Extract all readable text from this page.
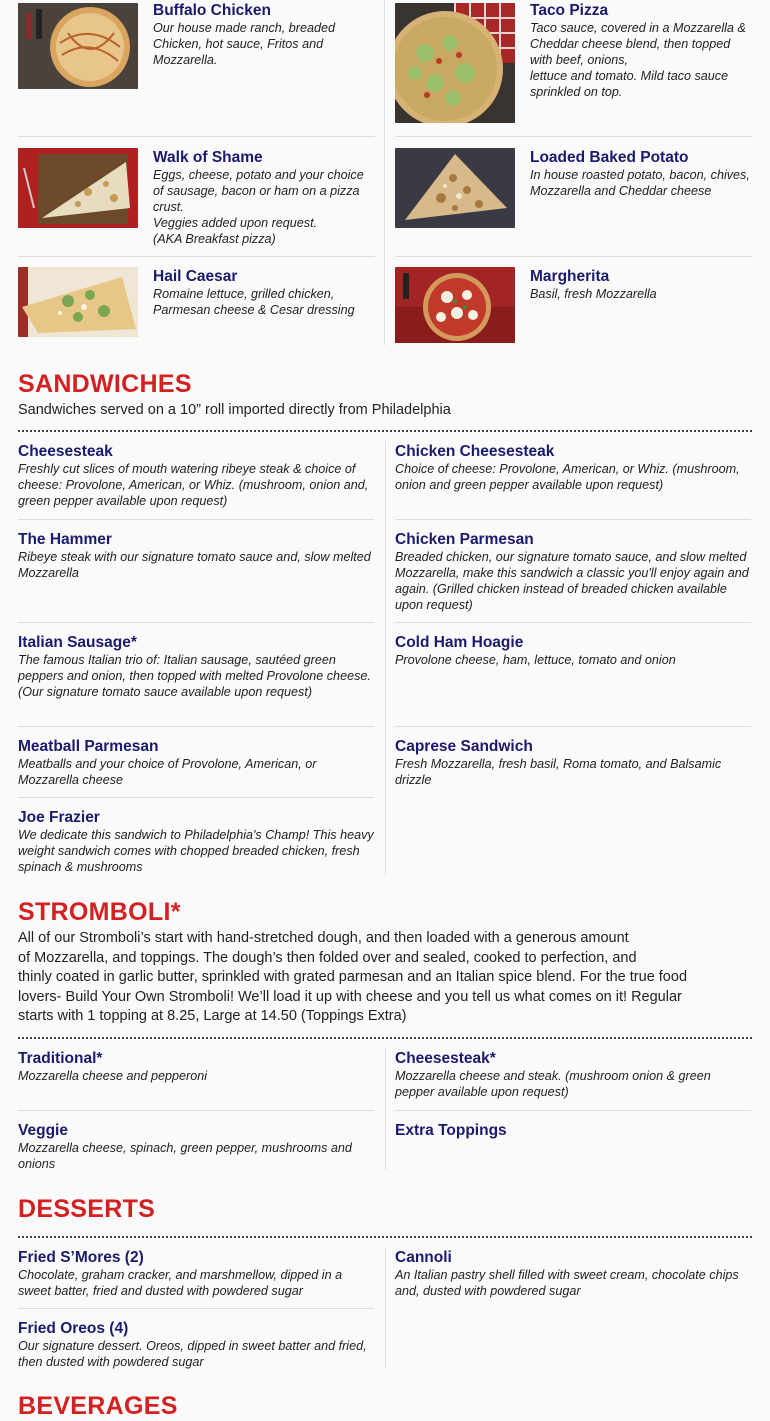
Buffalo Chicken

Our house made ranch, breaded Chicken, hot sauce, Fritos and Mozzarella.

Taco Pizza

Taco sauce, covered in a Mozzarella & Cheddar cheese blend, then topped with beef, onions,
lettuce and tomato. Mild taco sauce sprinkled on top.

Walk of Shame

Eggs, cheese, potato and your choice of sausage, bacon or ham on a pizza crust.
Veggies added upon request.
(AKA Breakfast pizza)

Loaded Baked Potato

In house roasted potato, bacon, chives, Mozzarella and Cheddar cheese

Hail Caesar

Romaine lettuce, grilled chicken, Parmesan cheese & Cesar dressing

Margherita

Basil, fresh Mozzarella

SANDWICHES

Sandwiches served on a 10” roll imported directly from Philadelphia

Cheesesteak

Freshly cut slices of mouth watering ribeye steak & choice of cheese: Provolone, American, or Whiz. (mushroom, onion and, green pepper available upon request)

Chicken Cheesesteak

Choice of cheese: Provolone, American, or Whiz. (mushroom, onion and green pepper available upon request)

The Hammer

Ribeye steak with our signature tomato sauce and, slow melted Mozzarella

Chicken Parmesan

Breaded chicken, our signature tomato sauce, and slow melted Mozzarella, make this sandwich a classic you'll enjoy again and again. (Grilled chicken instead of breaded chicken available upon request)

Italian Sausage*

The famous Italian trio of: Italian sausage, sautéed green peppers and onion, then topped with melted Provolone cheese. (Our signature tomato sauce available upon request)

Cold Ham Hoagie

Provolone cheese, ham, lettuce, tomato and onion

Meatball Parmesan

Meatballs and your choice of Provolone, American, or Mozzarella cheese

Caprese Sandwich

Fresh Mozzarella, fresh basil, Roma tomato, and Balsamic drizzle

Joe Frazier

We dedicate this sandwich to Philadelphia's Champ! This heavy weight sandwich comes with chopped breaded chicken, fresh spinach & mushrooms

STROMBOLI*

All of our Stromboli’s start with hand-stretched dough, and then loaded with a generous amount
of Mozzarella, and toppings. The dough’s then folded over and sealed, cooked to perfection, and
thinly coated in garlic butter, sprinkled with grated parmesan and an Italian spice blend. For the true food
lovers- Build Your Own Stromboli! We’ll load it up with cheese and you tell us what comes on it! Regular
starts with 1 topping at 8.25, Large at 14.50 (Toppings Extra)

Traditional*

Mozzarella cheese and pepperoni

Cheesesteak*

Mozzarella cheese and steak. (mushroom onion & green pepper available upon request)

Veggie

Mozzarella cheese, spinach, green pepper, mushrooms and onions

Extra Toppings

DESSERTS

Fried S’Mores (2)

Chocolate, graham cracker, and marshmellow, dipped in a sweet batter, fried and dusted with powdered sugar

Cannoli

An Italian pastry shell filled with sweet cream, chocolate chips and, dusted with powdered sugar

Fried Oreos (4)

Our signature dessert. Oreos, dipped in sweet batter and fried, then dusted with powdered sugar

BEVERAGES
